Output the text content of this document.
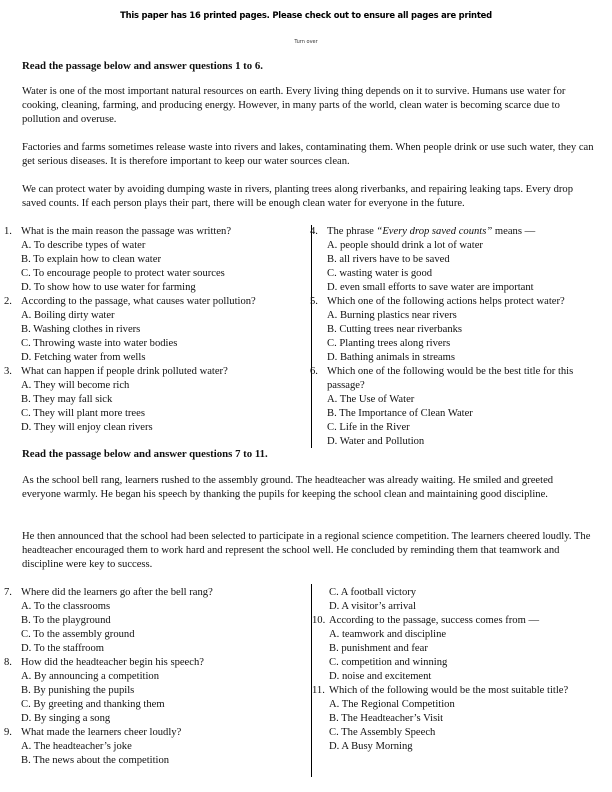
This paper has 16 printed pages. Please check out to ensure all pages are printed
Turn over
Read the passage below and answer questions 1 to 6.
Water is one of the most important natural resources on earth. Every living thing depends on it to survive. Humans use water for cooking, cleaning, farming, and producing energy. However, in many parts of the world, clean water is becoming scarce due to pollution and overuse.
Factories and farms sometimes release waste into rivers and lakes, contaminating them. When people drink or use such water, they can get serious diseases. It is therefore important to keep our water sources clean.
We can protect water by avoiding dumping waste in rivers, planting trees along riverbanks, and repairing leaking taps. Every drop saved counts. If each person plays their part, there will be enough clean water for everyone in the future.
1. What is the main reason the passage was written?
A. To describe types of water
B. To explain how to clean water
C. To encourage people to protect water sources
D. To show how to use water for farming
2. According to the passage, what causes water pollution?
A. Boiling dirty water
B. Washing clothes in rivers
C. Throwing waste into water bodies
D. Fetching water from wells
3. What can happen if people drink polluted water?
A. They will become rich
B. They may fall sick
C. They will plant more trees
D. They will enjoy clean rivers
4. The phrase “Every drop saved counts” means —
A. people should drink a lot of water
B. all rivers have to be saved
C. wasting water is good
D. even small efforts to save water are important
5. Which one of the following actions helps protect water?
A. Burning plastics near rivers
B. Cutting trees near riverbanks
C. Planting trees along rivers
D. Bathing animals in streams
6. Which one of the following would be the best title for this passage?
A. The Use of Water
B. The Importance of Clean Water
C. Life in the River
D. Water and Pollution
Read the passage below and answer questions 7 to 11.
As the school bell rang, learners rushed to the assembly ground. The headteacher was already waiting. He smiled and greeted everyone warmly. He began his speech by thanking the pupils for keeping the school clean and maintaining good discipline.
He then announced that the school had been selected to participate in a regional science competition. The learners cheered loudly. The headteacher encouraged them to work hard and represent the school well. He concluded by reminding them that teamwork and discipline were key to success.
7. Where did the learners go after the bell rang?
A. To the classrooms
B. To the playground
C. To the assembly ground
D. To the staffroom
8. How did the headteacher begin his speech?
A. By announcing a competition
B. By punishing the pupils
C. By greeting and thanking them
D. By singing a song
9. What made the learners cheer loudly?
A. The headteacher’s joke
B. The news about the competition
C. A football victory
D. A visitor’s arrival
10. According to the passage, success comes from —
A. teamwork and discipline
B. punishment and fear
C. competition and winning
D. noise and excitement
11. Which of the following would be the most suitable title?
A. The Regional Competition
B. The Headteacher’s Visit
C. The Assembly Speech
D. A Busy Morning
